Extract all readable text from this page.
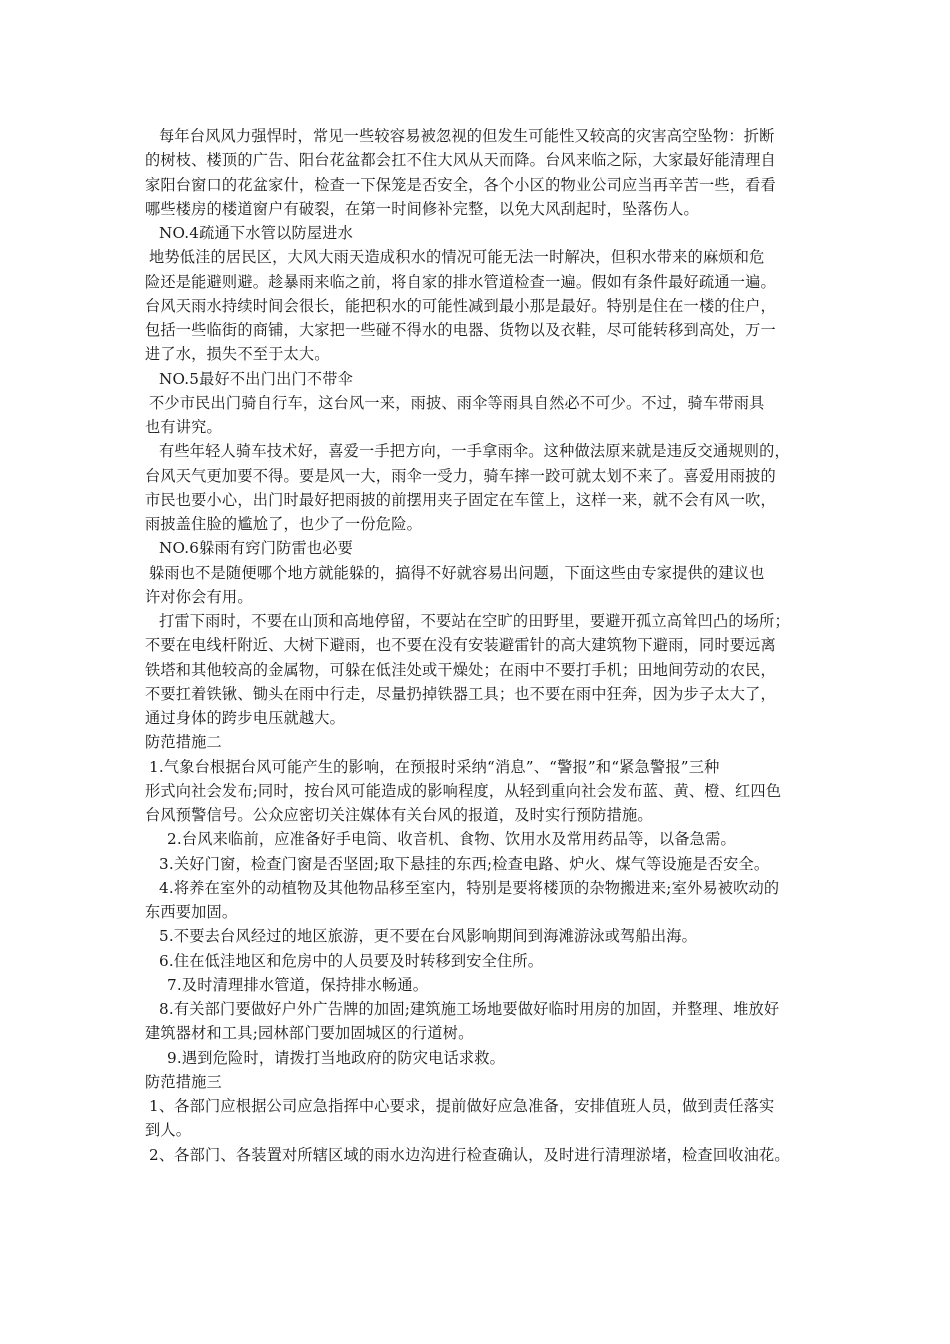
每年台风风力强悍时，常见一些较容易被忽视的但发生可能性又较高的灾害高空坠物：折断
的树枝、楼顶的广告、阳台花盆都会扛不住大风从天而降。台风来临之际，大家最好能清理自
家阳台窗口的花盆家什，检查一下保笼是否安全，各个小区的物业公司应当再辛苦一些，看看
哪些楼房的楼道窗户有破裂，在第一时间修补完整，以免大风刮起时，坠落伤人。
NO.4疏通下水管以防屋进水
地势低洼的居民区，大风大雨天造成积水的情况可能无法一时解决，但积水带来的麻烦和危
险还是能避则避。趁暴雨来临之前，将自家的排水管道检查一遍。假如有条件最好疏通一遍。
台风天雨水持续时间会很长，能把积水的可能性减到最小那是最好。特别是住在一楼的住户，
包括一些临街的商铺，大家把一些碰不得水的电器、货物以及衣鞋，尽可能转移到高处，万一
进了水，损失不至于太大。
NO.5最好不出门出门不带伞
不少市民出门骑自行车，这台风一来，雨披、雨伞等雨具自然必不可少。不过，骑车带雨具
也有讲究。
有些年轻人骑车技术好，喜爱一手把方向，一手拿雨伞。这种做法原来就是违反交通规则的，
台风天气更加要不得。要是风一大，雨伞一受力，骑车摔一跤可就太划不来了。喜爱用雨披的
市民也要小心，出门时最好把雨披的前摆用夹子固定在车筐上，这样一来，就不会有风一吹，
雨披盖住脸的尴尬了，也少了一份危险。
NO.6躲雨有窍门防雷也必要
躲雨也不是随便哪个地方就能躲的，搞得不好就容易出问题，下面这些由专家提供的建议也
许对你会有用。
打雷下雨时，不要在山顶和高地停留，不要站在空旷的田野里，要避开孤立高耸凹凸的场所；
不要在电线杆附近、大树下避雨，也不要在没有安装避雷针的高大建筑物下避雨，同时要远离
铁塔和其他较高的金属物，可躲在低洼处或干燥处；在雨中不要打手机；田地间劳动的农民，
不要扛着铁锹、锄头在雨中行走，尽量扔掉铁器工具；也不要在雨中狂奔，因为步子太大了，
通过身体的跨步电压就越大。
防范措施二
1.气象台根据台风可能产生的影响，在预报时采纳“消息”、“警报”和“紧急警报”三种
形式向社会发布;同时，按台风可能造成的影响程度，从轻到重向社会发布蓝、黄、橙、红四色
台风预警信号。公众应密切关注媒体有关台风的报道，及时实行预防措施。
2.台风来临前，应准备好手电筒、收音机、食物、饮用水及常用药品等，以备急需。
3.关好门窗，检查门窗是否坚固;取下悬挂的东西;检查电路、炉火、煤气等设施是否安全。
4.将养在室外的动植物及其他物品移至室内，特别是要将楼顶的杂物搬进来;室外易被吹动的
东西要加固。
5.不要去台风经过的地区旅游，更不要在台风影响期间到海滩游泳或驾船出海。
6.住在低洼地区和危房中的人员要及时转移到安全住所。
7.及时清理排水管道，保持排水畅通。
8.有关部门要做好户外广告牌的加固;建筑施工场地要做好临时用房的加固，并整理、堆放好
建筑器材和工具;园林部门要加固城区的行道树。
9.遇到危险时，请拨打当地政府的防灾电话求救。
防范措施三
1、各部门应根据公司应急指挥中心要求，提前做好应急准备，安排值班人员，做到责任落实
到人。
2、各部门、各装置对所辖区域的雨水边沟进行检查确认，及时进行清理淤堵，检查回收油花。
